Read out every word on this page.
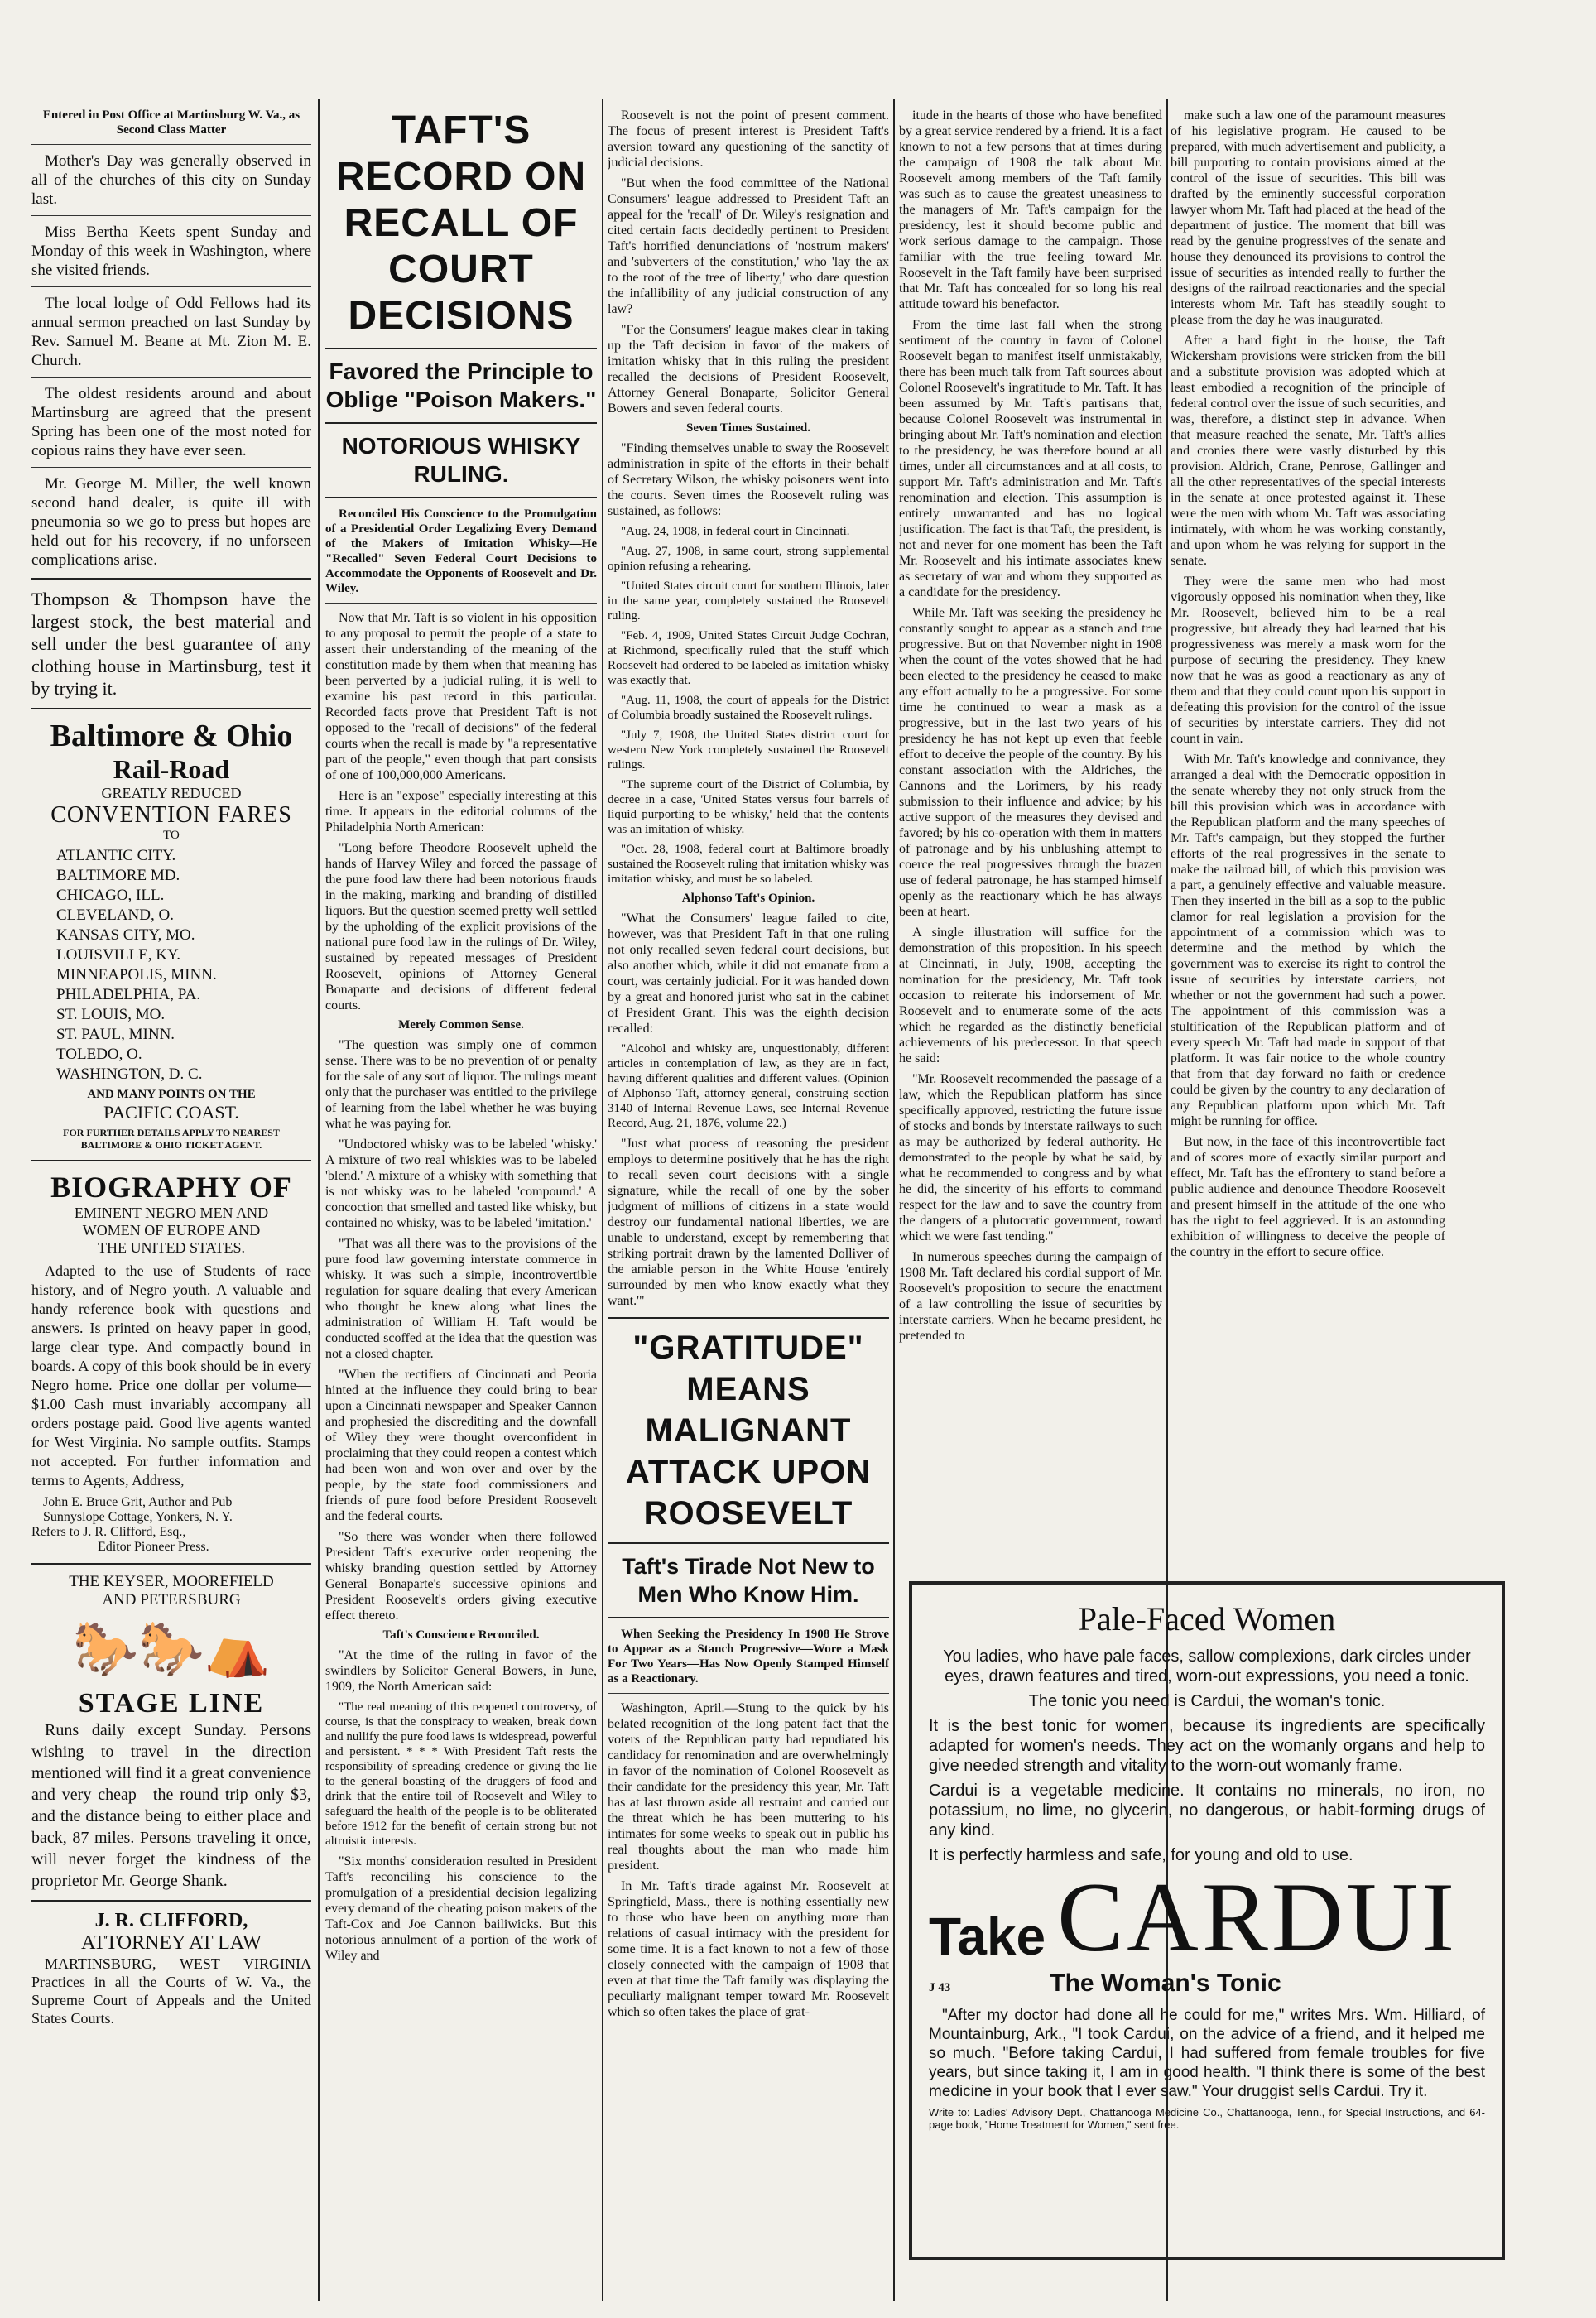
Entered in Post Office at Martinsburg W. Va., as Second Class Matter

Mother's Day was generally observed in all of the churches of this city on Sunday last.

Miss Bertha Keets spent Sunday and Monday of this week in Washington, where she visited friends.

The local lodge of Odd Fellows had its annual sermon preached on last Sunday by Rev. Samuel M. Beane at Mt. Zion M. E. Church.

The oldest residents around and about Martinsburg are agreed that the present Spring has been one of the most noted for copious rains they have ever seen.

Mr. George M. Miller, the well known second hand dealer, is quite ill with pneumonia so we go to press but hopes are held out for his recovery, if no unforseen complications arise.

Thompson & Thompson have the largest stock, the best material and sell under the best guarantee of any clothing house in Martinsburg, test it by trying it.

Baltimore & Ohio
Rail-Road
GREATLY REDUCED
CONVENTION FARES
TO
ATLANTIC CITY.
BALTIMORE MD.
CHICAGO, ILL.
CLEVELAND, O.
KANSAS CITY, MO.
LOUISVILLE, KY.
MINNEAPOLIS, MINN.
PHILADELPHIA, PA.
ST. LOUIS, MO.
ST. PAUL, MINN.
TOLEDO, O.
WASHINGTON, D. C.
AND MANY POINTS ON THE
PACIFIC COAST.
FOR FURTHER DETAILS APPLY TO NEAREST BALTIMORE & OHIO TICKET AGENT.
BIOGRAPHY OF
EMINENT NEGRO MEN AND
WOMEN OF EUROPE AND
THE UNITED STATES.

Adapted to the use of Students of race history, and of Negro youth. A valuable and handy reference book with questions and answers. Is printed on heavy paper in good, large clear type. And compactly bound in boards. A copy of this book should be in every Negro home. Price one dollar per volume—$1.00 Cash must invariably accompany all orders postage paid. Good live agents wanted for West Virginia. No sample outfits. Stamps not accepted. For further information and terms to Agents, Address,

John E. Bruce Grit, Author and Pub
Sunnyslope Cottage, Yonkers, N. Y.
Refers to J. R. Clifford, Esq.,
Editor Pioneer Press.
THE KEYSER, MOOREFIELD
AND PETERSBURG
🐎🐎⛺
STAGE LINE

Runs daily except Sunday. Persons wishing to travel in the direction mentioned will find it a great convenience and very cheap—the round trip only $3, and the distance being to either place and back, 87 miles. Persons traveling it once, will never forget the kindness of the proprietor Mr. George Shank.

J. R. CLIFFORD,
ATTORNEY AT LAW

MARTINSBURG, WEST VIRGINIA Practices in all the Courts of W. Va., the Supreme Court of Appeals and the United States Courts.

TAFT'S RECORD ON RECALL OF COURT DECISIONS
Favored the Principle to Oblige "Poison Makers."
NOTORIOUS WHISKY RULING.

Reconciled His Conscience to the Promulgation of a Presidential Order Legalizing Every Demand of the Makers of Imitation Whisky—He "Recalled" Seven Federal Court Decisions to Accommodate the Opponents of Roosevelt and Dr. Wiley.

Now that Mr. Taft is so violent in his opposition to any proposal to permit the people of a state to assert their understanding of the meaning of the constitution made by them when that meaning has been perverted by a judicial ruling, it is well to examine his past record in this particular. Recorded facts prove that President Taft is not opposed to the "recall of decisions" of the federal courts when the recall is made by "a representative part of the people," even though that part consists of one of 100,000,000 Americans.

Here is an "expose" especially interesting at this time. It appears in the editorial columns of the Philadelphia North American:

"Long before Theodore Roosevelt upheld the hands of Harvey Wiley and forced the passage of the pure food law there had been notorious frauds in the making, marking and branding of distilled liquors. But the question seemed pretty well settled by the upholding of the explicit provisions of the national pure food law in the rulings of Dr. Wiley, sustained by repeated messages of President Roosevelt, opinions of Attorney General Bonaparte and decisions of different federal courts.

Merely Common Sense.

"The question was simply one of common sense. There was to be no prevention of or penalty for the sale of any sort of liquor. The rulings meant only that the purchaser was entitled to the privilege of learning from the label whether he was buying what he was paying for.

"Undoctored whisky was to be labeled 'whisky.' A mixture of two real whiskies was to be labeled 'blend.' A mixture of a whisky with something that is not whisky was to be labeled 'compound.' A concoction that smelled and tasted like whisky, but contained no whisky, was to be labeled 'imitation.'

"That was all there was to the provisions of the pure food law governing interstate commerce in whisky. It was such a simple, incontrovertible regulation for square dealing that every American who thought he knew along what lines the administration of William H. Taft would be conducted scoffed at the idea that the question was not a closed chapter.

"When the rectifiers of Cincinnati and Peoria hinted at the influence they could bring to bear upon a Cincinnati newspaper and Speaker Cannon and prophesied the discrediting and the downfall of Wiley they were thought overconfident in proclaiming that they could reopen a contest which had been won and won over and over by the people, by the state food commissioners and friends of pure food before President Roosevelt and the federal courts.

"So there was wonder when there followed President Taft's executive order reopening the whisky branding question settled by Attorney General Bonaparte's successive opinions and President Roosevelt's orders giving executive effect thereto.

Taft's Conscience Reconciled.

"At the time of the ruling in favor of the swindlers by Solicitor General Bowers, in June, 1909, the North American said:

"The real meaning of this reopened controversy, of course, is that the conspiracy to weaken, break down and nullify the pure food laws is widespread, powerful and persistent. * * * With President Taft rests the responsibility of spreading credence or giving the lie to the general boasting of the druggers of food and drink that the entire toil of Roosevelt and Wiley to safeguard the health of the people is to be obliterated before 1912 for the benefit of certain strong but not altruistic interests.

"Six months' consideration resulted in President Taft's reconciling his conscience to the promulgation of a presidential decision legalizing every demand of the cheating poison makers of the Taft-Cox and Joe Cannon bailiwicks. But this notorious annulment of a portion of the work of Wiley and

Roosevelt is not the point of present comment. The focus of present interest is President Taft's aversion toward any questioning of the sanctity of judicial decisions.

"But when the food committee of the National Consumers' league addressed to President Taft an appeal for the 'recall' of Dr. Wiley's resignation and cited certain facts decidedly pertinent to President Taft's horrified denunciations of 'nostrum makers' and 'subverters of the constitution,' who 'lay the ax to the root of the tree of liberty,' who dare question the infallibility of any judicial construction of any law?

"For the Consumers' league makes clear in taking up the Taft decision in favor of the makers of imitation whisky that in this ruling the president recalled the decisions of President Roosevelt, Attorney General Bonaparte, Solicitor General Bowers and seven federal courts.

Seven Times Sustained.

"Finding themselves unable to sway the Roosevelt administration in spite of the efforts in their behalf of Secretary Wilson, the whisky poisoners went into the courts. Seven times the Roosevelt ruling was sustained, as follows:

"Aug. 24, 1908, in federal court in Cincinnati.

"Aug. 27, 1908, in same court, strong supplemental opinion refusing a rehearing.

"United States circuit court for southern Illinois, later in the same year, completely sustained the Roosevelt ruling.

"Feb. 4, 1909, United States Circuit Judge Cochran, at Richmond, specifically ruled that the stuff which Roosevelt had ordered to be labeled as imitation whisky was exactly that.

"Aug. 11, 1908, the court of appeals for the District of Columbia broadly sustained the Roosevelt rulings.

"July 7, 1908, the United States district court for western New York completely sustained the Roosevelt rulings.

"The supreme court of the District of Columbia, by decree in a case, 'United States versus four barrels of liquid purporting to be whisky,' held that the contents was an imitation of whisky.

"Oct. 28, 1908, federal court at Baltimore broadly sustained the Roosevelt ruling that imitation whisky was imitation whisky, and must be so labeled.

Alphonso Taft's Opinion.

"What the Consumers' league failed to cite, however, was that President Taft in that one ruling not only recalled seven federal court decisions, but also another which, while it did not emanate from a court, was certainly judicial. For it was handed down by a great and honored jurist who sat in the cabinet of President Grant. This was the eighth decision recalled:

"Alcohol and whisky are, unquestionably, different articles in contemplation of law, as they are in fact, having different qualities and different values. (Opinion of Alphonso Taft, attorney general, construing section 3140 of Internal Revenue Laws, see Internal Revenue Record, Aug. 21, 1876, volume 22.)

"Just what process of reasoning the president employs to determine positively that he has the right to recall seven court decisions with a single signature, while the recall of one by the sober judgment of millions of citizens in a state would destroy our fundamental national liberties, we are unable to understand, except by remembering that striking portrait drawn by the lamented Dolliver of the amiable person in the White House 'entirely surrounded by men who know exactly what they want.'"

"GRATITUDE" MEANS MALIGNANT ATTACK UPON ROOSEVELT
Taft's Tirade Not New to Men Who Know Him.

When Seeking the Presidency In 1908 He Strove to Appear as a Stanch Progressive—Wore a Mask For Two Years—Has Now Openly Stamped Himself as a Reactionary.

Washington, April.—Stung to the quick by his belated recognition of the long patent fact that the voters of the Republican party had repudiated his candidacy for renomination and are overwhelmingly in favor of the nomination of Colonel Roosevelt as their candidate for the presidency this year, Mr. Taft has at last thrown aside all restraint and carried out the threat which he has been muttering to his intimates for some weeks to speak out in public his real thoughts about the man who made him president.

In Mr. Taft's tirade against Mr. Roosevelt at Springfield, Mass., there is nothing essentially new to those who have been on anything more than relations of casual intimacy with the president for some time. It is a fact known to not a few of those closely connected with the campaign of 1908 that even at that time the Taft family was displaying the peculiarly malignant temper toward Mr. Roosevelt which so often takes the place of grat-

itude in the hearts of those who have benefited by a great service rendered by a friend. It is a fact known to not a few persons that at times during the campaign of 1908 the talk about Mr. Roosevelt among members of the Taft family was such as to cause the greatest uneasiness to the managers of Mr. Taft's campaign for the presidency, lest it should become public and work serious damage to the campaign. Those familiar with the true feeling toward Mr. Roosevelt in the Taft family have been surprised that Mr. Taft has concealed for so long his real attitude toward his benefactor.

From the time last fall when the strong sentiment of the country in favor of Colonel Roosevelt began to manifest itself unmistakably, there has been much talk from Taft sources about Colonel Roosevelt's ingratitude to Mr. Taft. It has been assumed by Mr. Taft's partisans that, because Colonel Roosevelt was instrumental in bringing about Mr. Taft's nomination and election to the presidency, he was therefore bound at all times, under all circumstances and at all costs, to support Mr. Taft's administration and Mr. Taft's renomination and election. This assumption is entirely unwarranted and has no logical justification. The fact is that Taft, the president, is not and never for one moment has been the Taft Mr. Roosevelt and his intimate associates knew as secretary of war and whom they supported as a candidate for the presidency.

While Mr. Taft was seeking the presidency he constantly sought to appear as a stanch and true progressive. But on that November night in 1908 when the count of the votes showed that he had been elected to the presidency he ceased to make any effort actually to be a progressive. For some time he continued to wear a mask as a progressive, but in the last two years of his presidency he has not kept up even that feeble effort to deceive the people of the country. By his constant association with the Aldriches, the Cannons and the Lorimers, by his ready submission to their influence and advice; by his active support of the measures they devised and favored; by his co-operation with them in matters of patronage and by his unblushing attempt to coerce the real progressives through the brazen use of federal patronage, he has stamped himself openly as the reactionary which he has always been at heart.

A single illustration will suffice for the demonstration of this proposition. In his speech at Cincinnati, in July, 1908, accepting the nomination for the presidency, Mr. Taft took occasion to reiterate his indorsement of Mr. Roosevelt and to enumerate some of the acts which he regarded as the distinctly beneficial achievements of his predecessor. In that speech he said:

"Mr. Roosevelt recommended the passage of a law, which the Republican platform has since specifically approved, restricting the future issue of stocks and bonds by interstate railways to such as may be authorized by federal authority. He demonstrated to the people by what he said, by what he recommended to congress and by what he did, the sincerity of his efforts to command respect for the law and to save the country from the dangers of a plutocratic government, toward which we were fast tending."

In numerous speeches during the campaign of 1908 Mr. Taft declared his cordial support of Mr. Roosevelt's proposition to secure the enactment of a law controlling the issue of securities by interstate carriers. When he became president, he pretended to

make such a law one of the paramount measures of his legislative program. He caused to be prepared, with much advertisement and publicity, a bill purporting to contain provisions aimed at the control of the issue of securities. This bill was drafted by the eminently successful corporation lawyer whom Mr. Taft had placed at the head of the department of justice. The moment that bill was read by the genuine progressives of the senate and house they denounced its provisions to control the issue of securities as intended really to further the designs of the railroad reactionaries and the special interests whom Mr. Taft has steadily sought to please from the day he was inaugurated.

After a hard fight in the house, the Taft Wickersham provisions were stricken from the bill and a substitute provision was adopted which at least embodied a recognition of the principle of federal control over the issue of such securities, and was, therefore, a distinct step in advance. When that measure reached the senate, Mr. Taft's allies and cronies there were vastly disturbed by this provision. Aldrich, Crane, Penrose, Gallinger and all the other representatives of the special interests in the senate at once protested against it. These were the men with whom Mr. Taft was associating intimately, with whom he was working constantly, and upon whom he was relying for support in the senate.

They were the same men who had most vigorously opposed his nomination when they, like Mr. Roosevelt, believed him to be a real progressive, but already they had learned that his progressiveness was merely a mask worn for the purpose of securing the presidency. They knew now that he was as good a reactionary as any of them and that they could count upon his support in defeating this provision for the control of the issue of securities by interstate carriers. They did not count in vain.

With Mr. Taft's knowledge and connivance, they arranged a deal with the Democratic opposition in the senate whereby they not only struck from the bill this provision which was in accordance with the Republican platform and the many speeches of Mr. Taft's campaign, but they stopped the further efforts of the real progressives in the senate to make the railroad bill, of which this provision was a part, a genuinely effective and valuable measure. Then they inserted in the bill as a sop to the public clamor for real legislation a provision for the appointment of a commission which was to determine and the method by which the government was to exercise its right to control the issue of securities by interstate carriers, not whether or not the government had such a power. The appointment of this commission was a stultification of the Republican platform and of every speech Mr. Taft had made in support of that platform. It was fair notice to the whole country that from that day forward no faith or credence could be given by the country to any declaration of any Republican platform upon which Mr. Taft might be running for office.

But now, in the face of this incontrovertible fact and of scores more of exactly similar purport and effect, Mr. Taft has the effrontery to stand before a public audience and denounce Theodore Roosevelt and present himself in the attitude of the one who has the right to feel aggrieved. It is an astounding exhibition of willingness to deceive the people of the country in the effort to secure office.

Pale-Faced Women

You ladies, who have pale faces, sallow complexions, dark circles under eyes, drawn features and tired, worn-out expressions, you need a tonic.

The tonic you need is Cardui, the woman's tonic.

It is the best tonic for women, because its ingredients are specifically adapted for women's needs. They act on the womanly organs and help to give needed strength and vitality to the worn-out womanly frame.

Cardui is a vegetable medicine. It contains no minerals, no iron, no potassium, no lime, no glycerin, no dangerous, or habit-forming drugs of any kind.

It is perfectly harmless and safe, for young and old to use.

Take CARDUI
J 43	The Woman's Tonic

"After my doctor had done all he could for me," writes Mrs. Wm. Hilliard, of Mountainburg, Ark., "I took Cardui, on the advice of a friend, and it helped me so much. "Before taking Cardui, I had suffered from female troubles for five years, but since taking it, I am in good health. "I think there is some of the best medicine in your book that I ever saw." Your druggist sells Cardui. Try it.

Write to: Ladies' Advisory Dept., Chattanooga Medicine Co., Chattanooga, Tenn., for Special Instructions, and 64-page book, "Home Treatment for Women," sent free.
